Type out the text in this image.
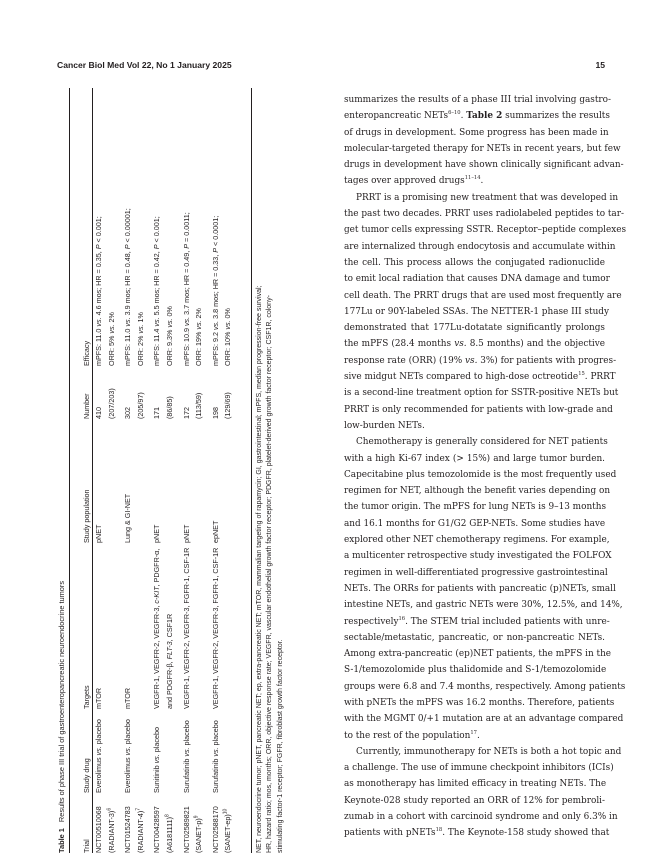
Cancer Biol Med Vol 22, No 1 January 2025	15
Table 1Results of phase III trial of gastroenteropancreatic neuroendocrine tumors
Trial	Study drug	Targets	Study population	Number	Efficacy

NCT00510068 (RADIANT-3)$^6$	Everolimus vs. placebo	mTOR	pNET	410 (207/203)	mPFS: 11.0 vs. 4.6 mos; HR = 0.35, P < 0.001;
ORR: 5% vs. 2%

NCT01524783 (RADIANT-4)$^7$	Everolimus vs. placebo	mTOR	Lung & GI-NET	302 (205/97)	mPFS: 11.0 vs. 3.9 mos; HR = 0.48, P < 0.00001;
ORR: 2% vs. 1%

NCT00428597 $(A6181111)^8$	Sunitinib vs. placebo	VEGFR-1, VEGFR-2, VEGFR-3, c-KIT, PDGFR-α,
and PDGFR-β, FLT-3, CSF1R	pNET	171 (86/85)	mPFS: 11.4 vs. 5.5 mos; HR = 0.42, P < 0.001;
ORR: 9.3% vs. 0%

NCT02589821 (SANET-p)$^9$	Surufatinib vs. placebo	VEGFR-1, VEGFR-2, VEGFR-3, FGFR-1, CSF-1R	pNET	172 (113/59)	mPFS: 10.9 vs. 3.7 mos; HR = 0.49, P = 0.0011;
ORR: 19% vs. 2%

NCT02588170 (SANET-ep)$^{10}$	Surufatinib vs. placebo	VEGFR-1, VEGFR-2, VEGFR-3, FGFR-1, CSF-1R	epNET	198 (129/69)	mPFS: 9.2 vs. 3.8 mos; HR = 0.33, P < 0.0001;
ORR: 10% vs. 0%	NET, neuroendocrine tumor; pNET, pancreatic NET; ep, extra-pancreatic NET; mTOR, mammalian targeting of rapamycin; GI, gastrointestinal; mPFS, median progression-free survival; HR, hazard ratio; mos, months; ORR, objective response rate; VEGFR, vascular endothelial growth factor receptor; PDGFR, platelet-derived growth factor receptor; CSF1R, colony- stimulating factor-1 receptor; FGFR, fibroblast growth factor receptor.
summarizes the results of a phase III trial involving gastro-
enteropancreatic NETs$^{6-10}$. Table 2 summarizes the results
of drugs in development. Some progress has been made in
molecular-targeted therapy for NETs in recent years, but few
drugs in development have shown clinically significant advan-
tages over approved drugs$^{11-14}$.
PRRT is a promising new treatment that was developed in
the past two decades. PRRT uses radiolabeled peptides to tar-
get tumor cells expressing SSTR. Receptor–peptide complexes
are internalized through endocytosis and accumulate within
the cell. This process allows the conjugated radionuclide
to emit local radiation that causes DNA damage and tumor
cell death. The PRRT drugs that are used most frequently are
177Lu or 90Y-labeled SSAs. The NETTER-1 phase III study
demonstrated that 177Lu-dotatate significantly prolongs
the mPFS (28.4 months vs. 8.5 months) and the objective
response rate (ORR) (19% vs. 3%) for patients with progres-
sive midgut NETs compared to high-dose octreotide$^{15}$. PRRT
is a second-line treatment option for SSTR-positive NETs but
PRRT is only recommended for patients with low-grade and
low-burden NETs.
Chemotherapy is generally considered for NET patients
with a high Ki-67 index (> 15%) and large tumor burden.
Capecitabine plus temozolomide is the most frequently used
regimen for NET, although the benefit varies depending on
the tumor origin. The mPFS for lung NETs is 9–13 months
and 16.1 months for G1/G2 GEP-NETs. Some studies have
explored other NET chemotherapy regimens. For example,
a multicenter retrospective study investigated the FOLFOX
regimen in well-differentiated progressive gastrointestinal
NETs. The ORRs for patients with pancreatic (p)NETs, small
intestine NETs, and gastric NETs were 30%, 12.5%, and 14%,
respectively$^{16}$. The STEM trial included patients with unre-
sectable/metastatic, pancreatic, or non-pancreatic NETs.
Among extra-pancreatic (ep)NET patients, the mPFS in the
S-1/temozolomide plus thalidomide and S-1/temozolomide
groups were 6.8 and 7.4 months, respectively. Among patients
with pNETs the mPFS was 16.2 months. Therefore, patients
with the MGMT 0/+1 mutation are at an advantage compared
to the rest of the population$^{17}$.
Currently, immunotherapy for NETs is both a hot topic and
a challenge. The use of immune checkpoint inhibitors (ICIs)
as monotherapy has limited efficacy in treating NETs. The
Keynote-028 study reported an ORR of 12% for pembroli-
zumab in a cohort with carcinoid syndrome and only 6.3% in
patients with pNETs$^{18}$. The Keynote-158 study showed that
